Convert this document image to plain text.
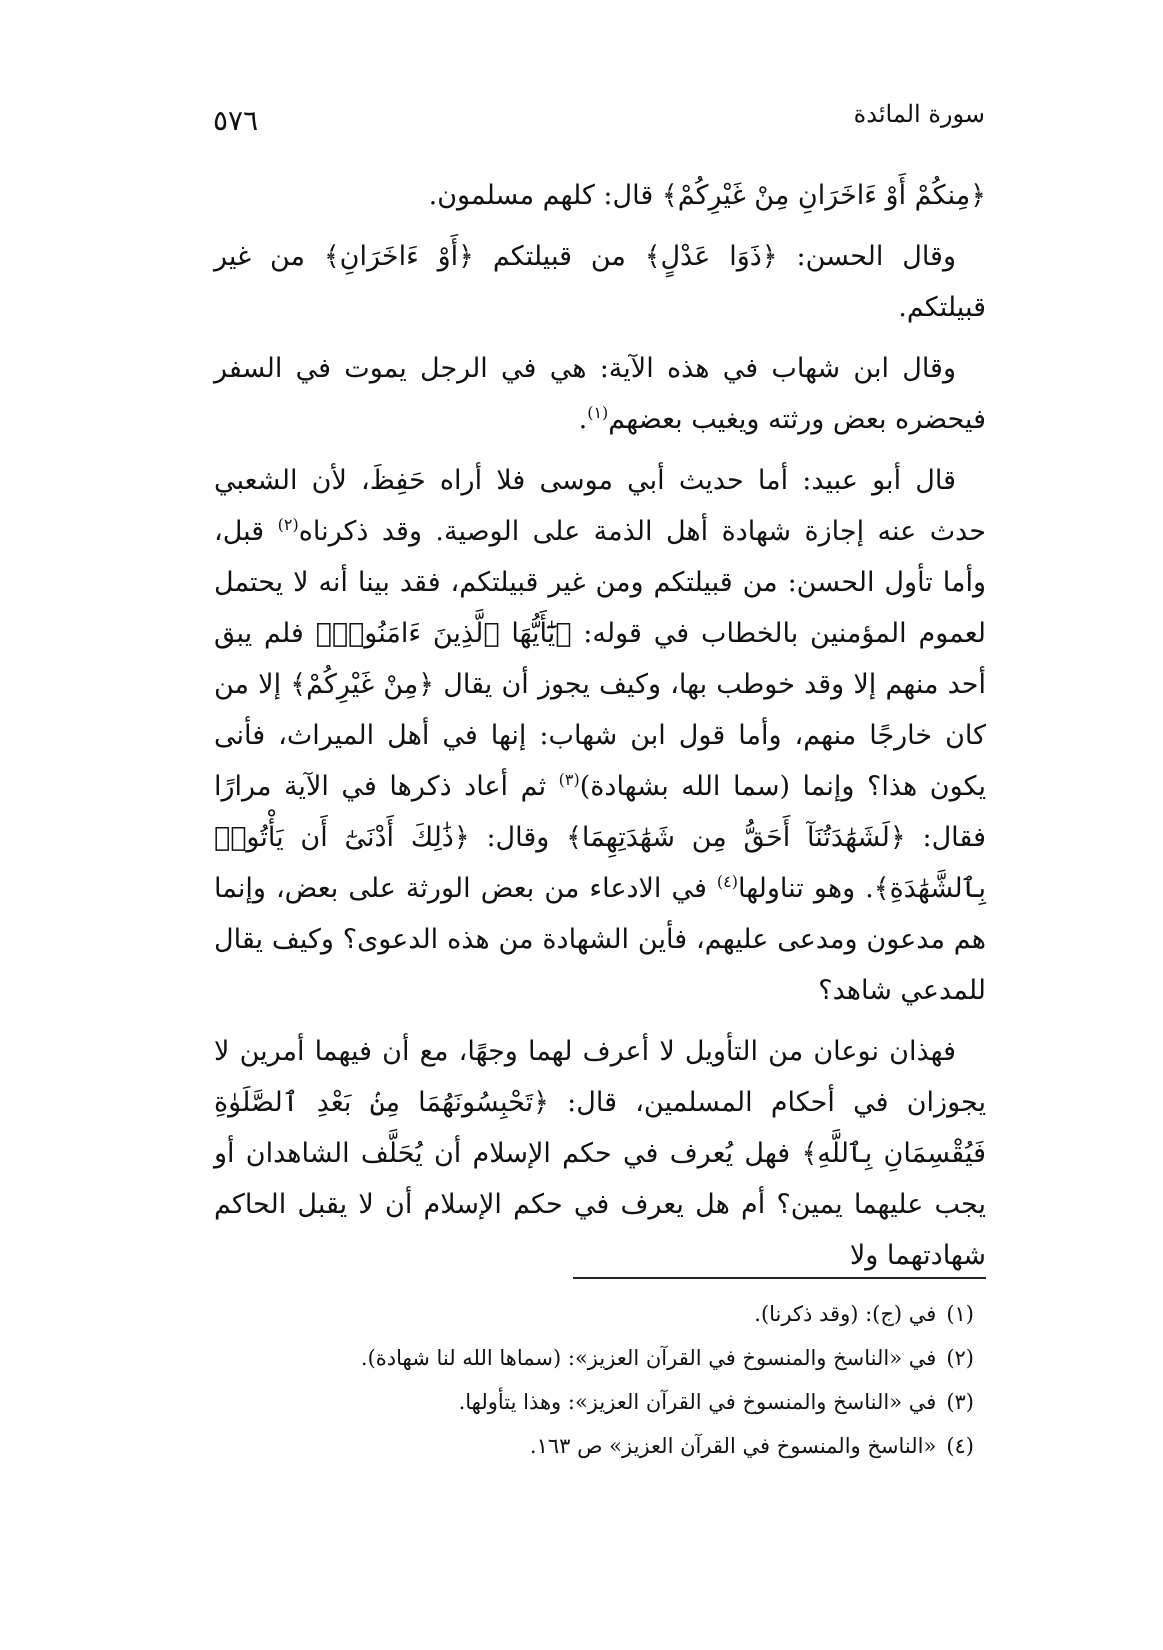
٥٧٦	سورة المائدة

﴿مِنكُمْ أَوْ ءَاخَرَانِ مِنْ غَيْرِكُمْ﴾ قال: كلهم مسلمون.

وقال الحسن: ﴿ذَوَا عَدْلٍ﴾ من قبيلتكم ﴿أَوْ ءَاخَرَانِ﴾ من غير قبيلتكم.

وقال ابن شهاب في هذه الآية: هي في الرجل يموت في السفر فيحضره بعض ورثته ويغيب بعضهم$^{(١)}$.

قال أبو عبيد: أما حديث أبي موسى فلا أراه حَفِظَ، لأن الشعبي حدث عنه إجازة شهادة أهل الذمة على الوصية. وقد ذكرناه$^{(٢)}$ قبل، وأما تأول الحسن: من قبيلتكم ومن غير قبيلتكم، فقد بينا أنه لا يحتمل لعموم المؤمنين بالخطاب في قوله: ﴿يَٰٓأَيُّهَا ٱلَّذِينَ ءَامَنُوا۟﴾ فلم يبق أحد منهم إلا وقد خوطب بها، وكيف يجوز أن يقال ﴿مِنْ غَيْرِكُمْ﴾ إلا من كان خارجًا منهم، وأما قول ابن شهاب: إنها في أهل الميراث، فأنى يكون هذا؟ وإنما (سما الله بشهادة)$^{(٣)}$ ثم أعاد ذكرها في الآية مرارًا فقال: ﴿لَشَهَٰدَتُنَآ أَحَقُّ مِن شَهَٰدَتِهِمَا﴾ وقال: ﴿ذَٰلِكَ أَدْنَىٰٓ أَن يَأْتُوا۟ بِٱلشَّهَٰدَةِ﴾. وهو تناولها$^{(٤)}$ في الادعاء من بعض الورثة على بعض، وإنما هم مدعون ومدعى عليهم، فأين الشهادة من هذه الدعوى؟ وكيف يقال للمدعي شاهد؟

فهذان نوعان من التأويل لا أعرف لهما وجهًا، مع أن فيهما أمرين لا يجوزان في أحكام المسلمين، قال: ﴿تَحْبِسُونَهُمَا مِنۢ بَعْدِ ٱلصَّلَوٰةِ فَيُقْسِمَانِ بِٱللَّهِ﴾ فهل يُعرف في حكم الإسلام أن يُحَلَّف الشاهدان أو يجب عليهما يمين؟ أم هل يعرف في حكم الإسلام أن لا يقبل الحاكم شهادتهما ولا

(١)في (ج): (وقد ذكرنا).
(٢)في «الناسخ والمنسوخ في القرآن العزيز»: (سماها الله لنا شهادة).
(٣)في «الناسخ والمنسوخ في القرآن العزيز»: وهذا يتأولها.
(٤)«الناسخ والمنسوخ في القرآن العزيز» ص ١٦٣.
